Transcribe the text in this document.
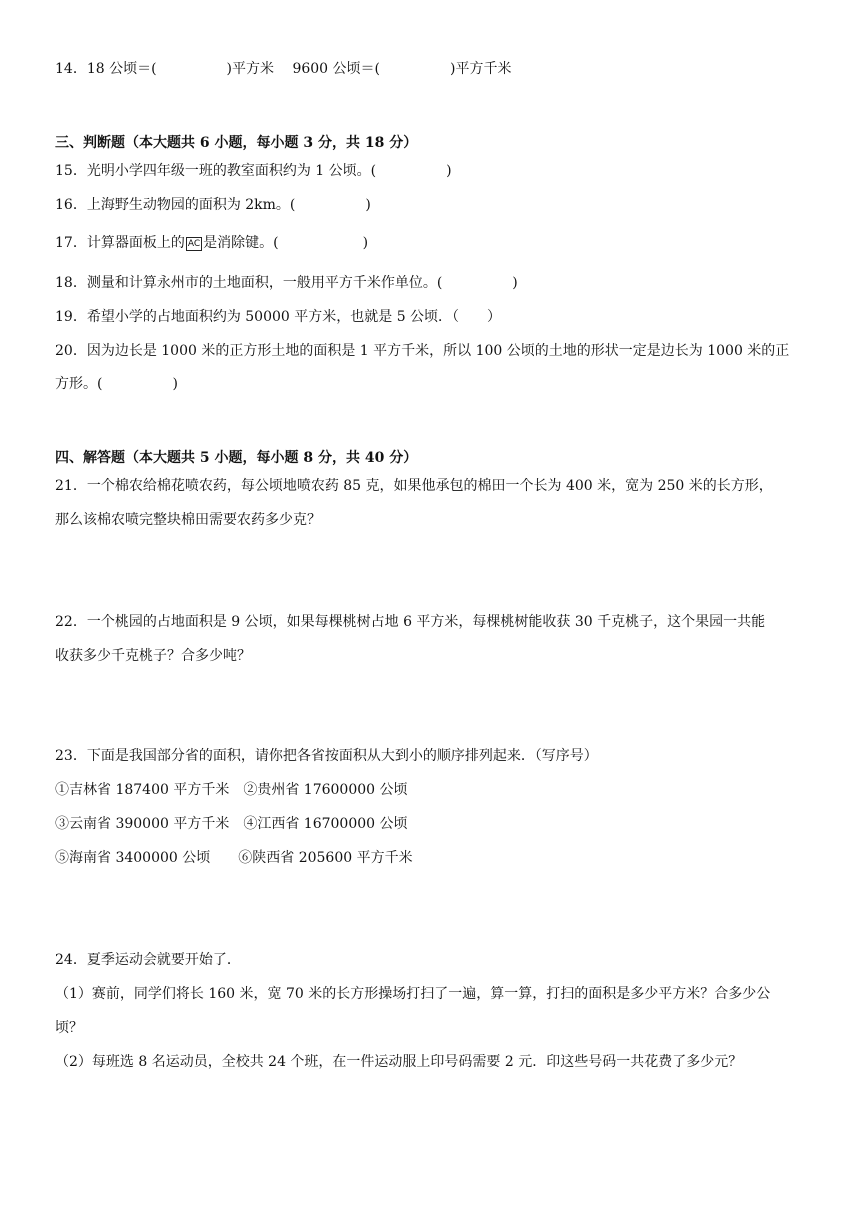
14．18 公顷＝(　　　　　)平方米　 9600 公顷＝(　　　　　)平方千米
三、判断题（本大题共 6 小题，每小题 3 分，共 18 分）
15．光明小学四年级一班的教室面积约为 1 公顷。(　　　　　)
16．上海野生动物园的面积为 2km。(　　　　　)
17．计算器面板上的 AC 是消除键。(　　　　　　)
18．测量和计算永州市的土地面积，一般用平方千米作单位。(　　　　　)
19．希望小学的占地面积约为 50000 平方米，也就是 5 公顷．（　　）
20．因为边长是 1000 米的正方形土地的面积是 1 平方千米，所以 100 公顷的土地的形状一定是边长为 1000 米的正
方形。(　　　　　)
四、解答题（本大题共 5 小题，每小题 8 分，共 40 分）
21．一个棉农给棉花喷农药，每公顷地喷农药 85 克，如果他承包的棉田一个长为 400 米，宽为 250 米的长方形，
那么该棉农喷完整块棉田需要农药多少克？
22．一个桃园的占地面积是 9 公顷，如果每棵桃树占地 6 平方米，每棵桃树能收获 30 千克桃子，这个果园一共能
收获多少千克桃子？合多少吨？
23．下面是我国部分省的面积，请你把各省按面积从大到小的顺序排列起来．（写序号）
①吉林省 187400 平方千米　②贵州省 17600000 公顷
③云南省 390000 平方千米　④江西省 16700000 公顷
⑤海南省 3400000 公顷　　⑥陕西省 205600 平方千米
24．夏季运动会就要开始了．
（1）赛前，同学们将长 160 米，宽 70 米的长方形操场打扫了一遍，算一算，打扫的面积是多少平方米？合多少公
顷？
（2）每班选 8 名运动员，全校共 24 个班，在一件运动服上印号码需要 2 元．印这些号码一共花费了多少元？
